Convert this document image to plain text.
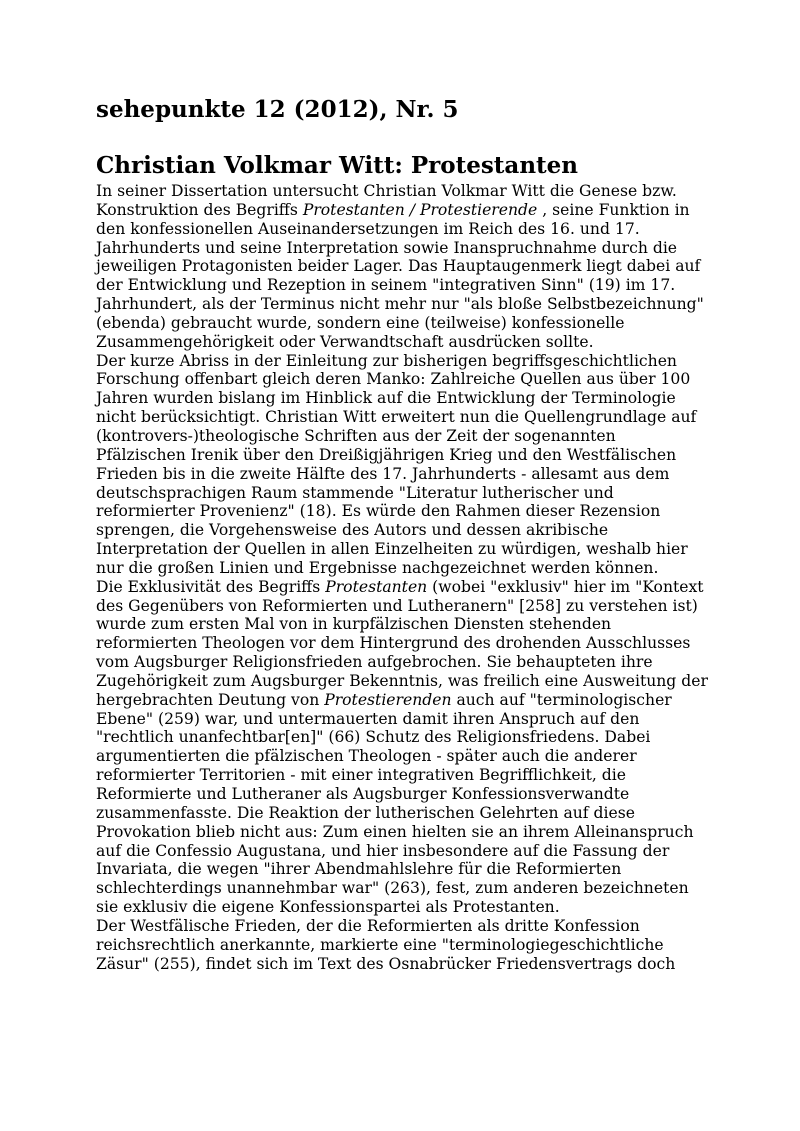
sehepunkte 12 (2012), Nr. 5
Christian Volkmar Witt: Protestanten

In seiner Dissertation untersucht Christian Volkmar Witt die Genese bzw. Konstruktion des Begriffs Protestanten / Protestierende , seine Funktion in den konfessionellen Auseinandersetzungen im Reich des 16. und 17. Jahrhunderts und seine Interpretation sowie Inanspruchnahme durch die jeweiligen Protagonisten beider Lager. Das Hauptaugenmerk liegt dabei auf der Entwicklung und Rezeption in seinem "integrativen Sinn" (19) im 17. Jahrhundert, als der Terminus nicht mehr nur "als bloße Selbstbezeichnung" (ebenda) gebraucht wurde, sondern eine (teilweise) konfessionelle Zusammengehörigkeit oder Verwandtschaft ausdrücken sollte.

Der kurze Abriss in der Einleitung zur bisherigen begriffsgeschichtlichen Forschung offenbart gleich deren Manko: Zahlreiche Quellen aus über 100 Jahren wurden bislang im Hinblick auf die Entwicklung der Terminologie nicht berücksichtigt. Christian Witt erweitert nun die Quellengrundlage auf (kontrovers-)theologische Schriften aus der Zeit der sogenannten Pfälzischen Irenik über den Dreißigjährigen Krieg und den Westfälischen Frieden bis in die zweite Hälfte des 17. Jahrhunderts - allesamt aus dem deutschsprachigen Raum stammende "Literatur lutherischer und reformierter Provenienz" (18). Es würde den Rahmen dieser Rezension sprengen, die Vorgehensweise des Autors und dessen akribische Interpretation der Quellen in allen Einzelheiten zu würdigen, weshalb hier nur die großen Linien und Ergebnisse nachgezeichnet werden können.

Die Exklusivität des Begriffs Protestanten (wobei "exklusiv" hier im "Kontext des Gegenübers von Reformierten und Lutheranern" [258] zu verstehen ist) wurde zum ersten Mal von in kurpfälzischen Diensten stehenden reformierten Theologen vor dem Hintergrund des drohenden Ausschlusses vom Augsburger Religionsfrieden aufgebrochen. Sie behaupteten ihre Zugehörigkeit zum Augsburger Bekenntnis, was freilich eine Ausweitung der hergebrachten Deutung von Protestierenden auch auf "terminologischer Ebene" (259) war, und untermauerten damit ihren Anspruch auf den "rechtlich unanfechtbar[en]" (66) Schutz des Religionsfriedens. Dabei argumentierten die pfälzischen Theologen - später auch die anderer reformierter Territorien - mit einer integrativen Begrifflichkeit, die Reformierte und Lutheraner als Augsburger Konfessionsverwandte zusammenfasste. Die Reaktion der lutherischen Gelehrten auf diese Provokation blieb nicht aus: Zum einen hielten sie an ihrem Alleinanspruch auf die Confessio Augustana, und hier insbesondere auf die Fassung der Invariata, die wegen "ihrer Abendmahlslehre für die Reformierten schlechterdings unannehmbar war" (263), fest, zum anderen bezeichneten sie exklusiv die eigene Konfessionspartei als Protestanten.

Der Westfälische Frieden, der die Reformierten als dritte Konfession reichsrechtlich anerkannte, markierte eine "terminologiegeschichtliche Zäsur" (255), findet sich im Text des Osnabrücker Friedensvertrags doch
